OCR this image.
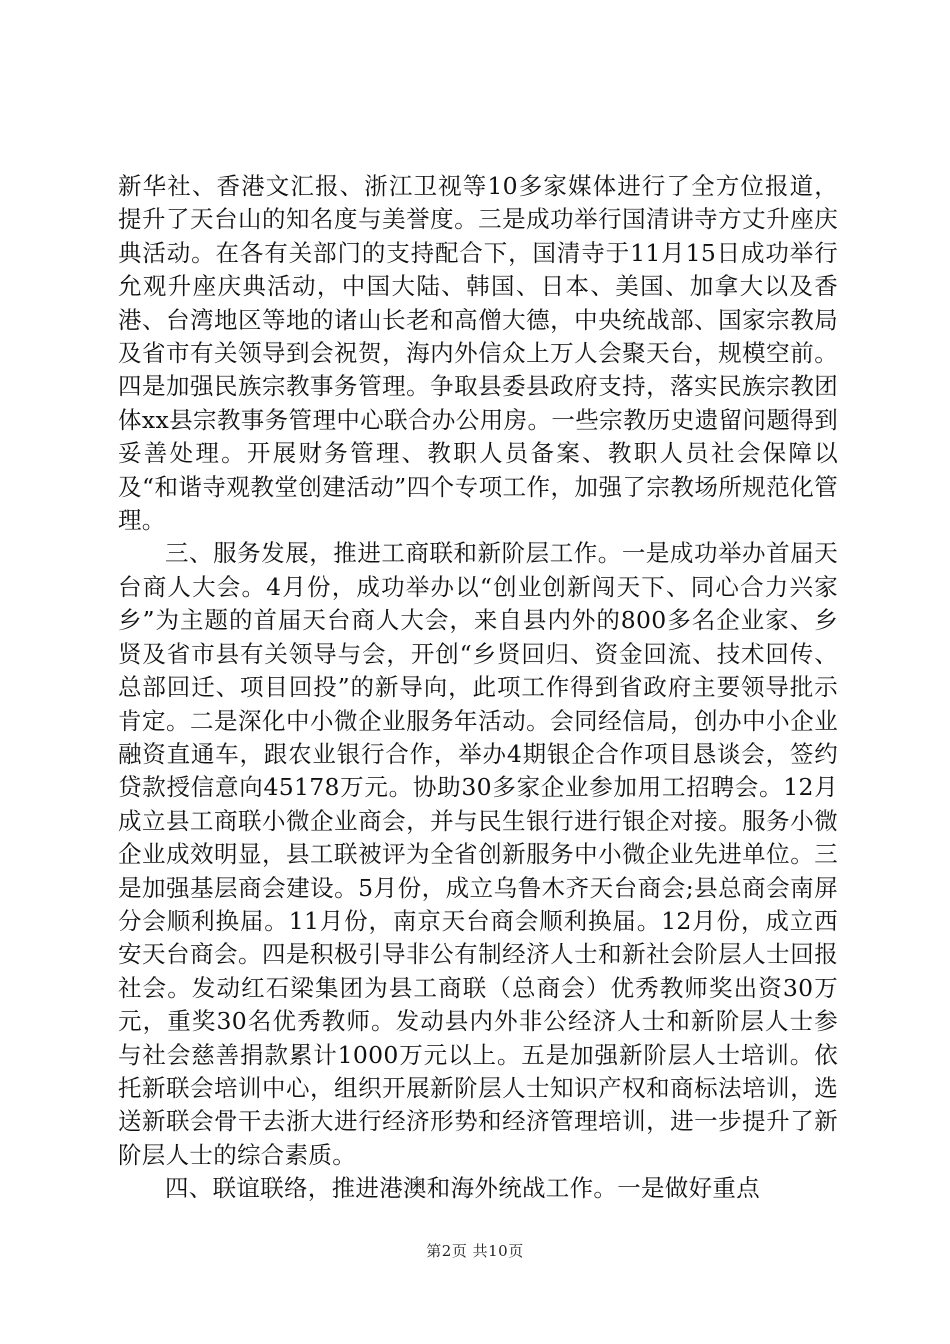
新华社、香港文汇报、浙江卫视等10多家媒体进行了全方位报道，提升了天台山的知名度与美誉度。三是成功举行国清讲寺方丈升座庆典活动。在各有关部门的支持配合下，国清寺于11月15日成功举行允观升座庆典活动，中国大陆、韩国、日本、美国、加拿大以及香港、台湾地区等地的诸山长老和高僧大德，中央统战部、国家宗教局及省市有关领导到会祝贺，海内外信众上万人会聚天台，规模空前。四是加强民族宗教事务管理。争取县委县政府支持，落实民族宗教团体xx县宗教事务管理中心联合办公用房。一些宗教历史遗留问题得到妥善处理。开展财务管理、教职人员备案、教职人员社会保障以及“和谐寺观教堂创建活动”四个专项工作，加强了宗教场所规范化管理。

三、服务发展，推进工商联和新阶层工作。一是成功举办首届天台商人大会。4月份，成功举办以“创业创新闯天下、同心合力兴家乡”为主题的首届天台商人大会，来自县内外的800多名企业家、乡贤及省市县有关领导与会，开创“乡贤回归、资金回流、技术回传、总部回迁、项目回投”的新导向，此项工作得到省政府主要领导批示肯定。二是深化中小微企业服务年活动。会同经信局，创办中小企业融资直通车，跟农业银行合作，举办4期银企合作项目恳谈会，签约贷款授信意向45178万元。协助30多家企业参加用工招聘会。12月成立县工商联小微企业商会，并与民生银行进行银企对接。服务小微企业成效明显，县工联被评为全省创新服务中小微企业先进单位。三是加强基层商会建设。5月份，成立乌鲁木齐天台商会;县总商会南屏分会顺利换届。11月份，南京天台商会顺利换届。12月份，成立西安天台商会。四是积极引导非公有制经济人士和新社会阶层人士回报社会。发动红石梁集团为县工商联（总商会）优秀教师奖出资30万元，重奖30名优秀教师。发动县内外非公经济人士和新阶层人士参与社会慈善捐款累计1000万元以上。五是加强新阶层人士培训。依托新联会培训中心，组织开展新阶层人士知识产权和商标法培训，选送新联会骨干去浙大进行经济形势和经济管理培训，进一步提升了新阶层人士的综合素质。

四、联谊联络，推进港澳和海外统战工作。一是做好重点

第2页 共10页
